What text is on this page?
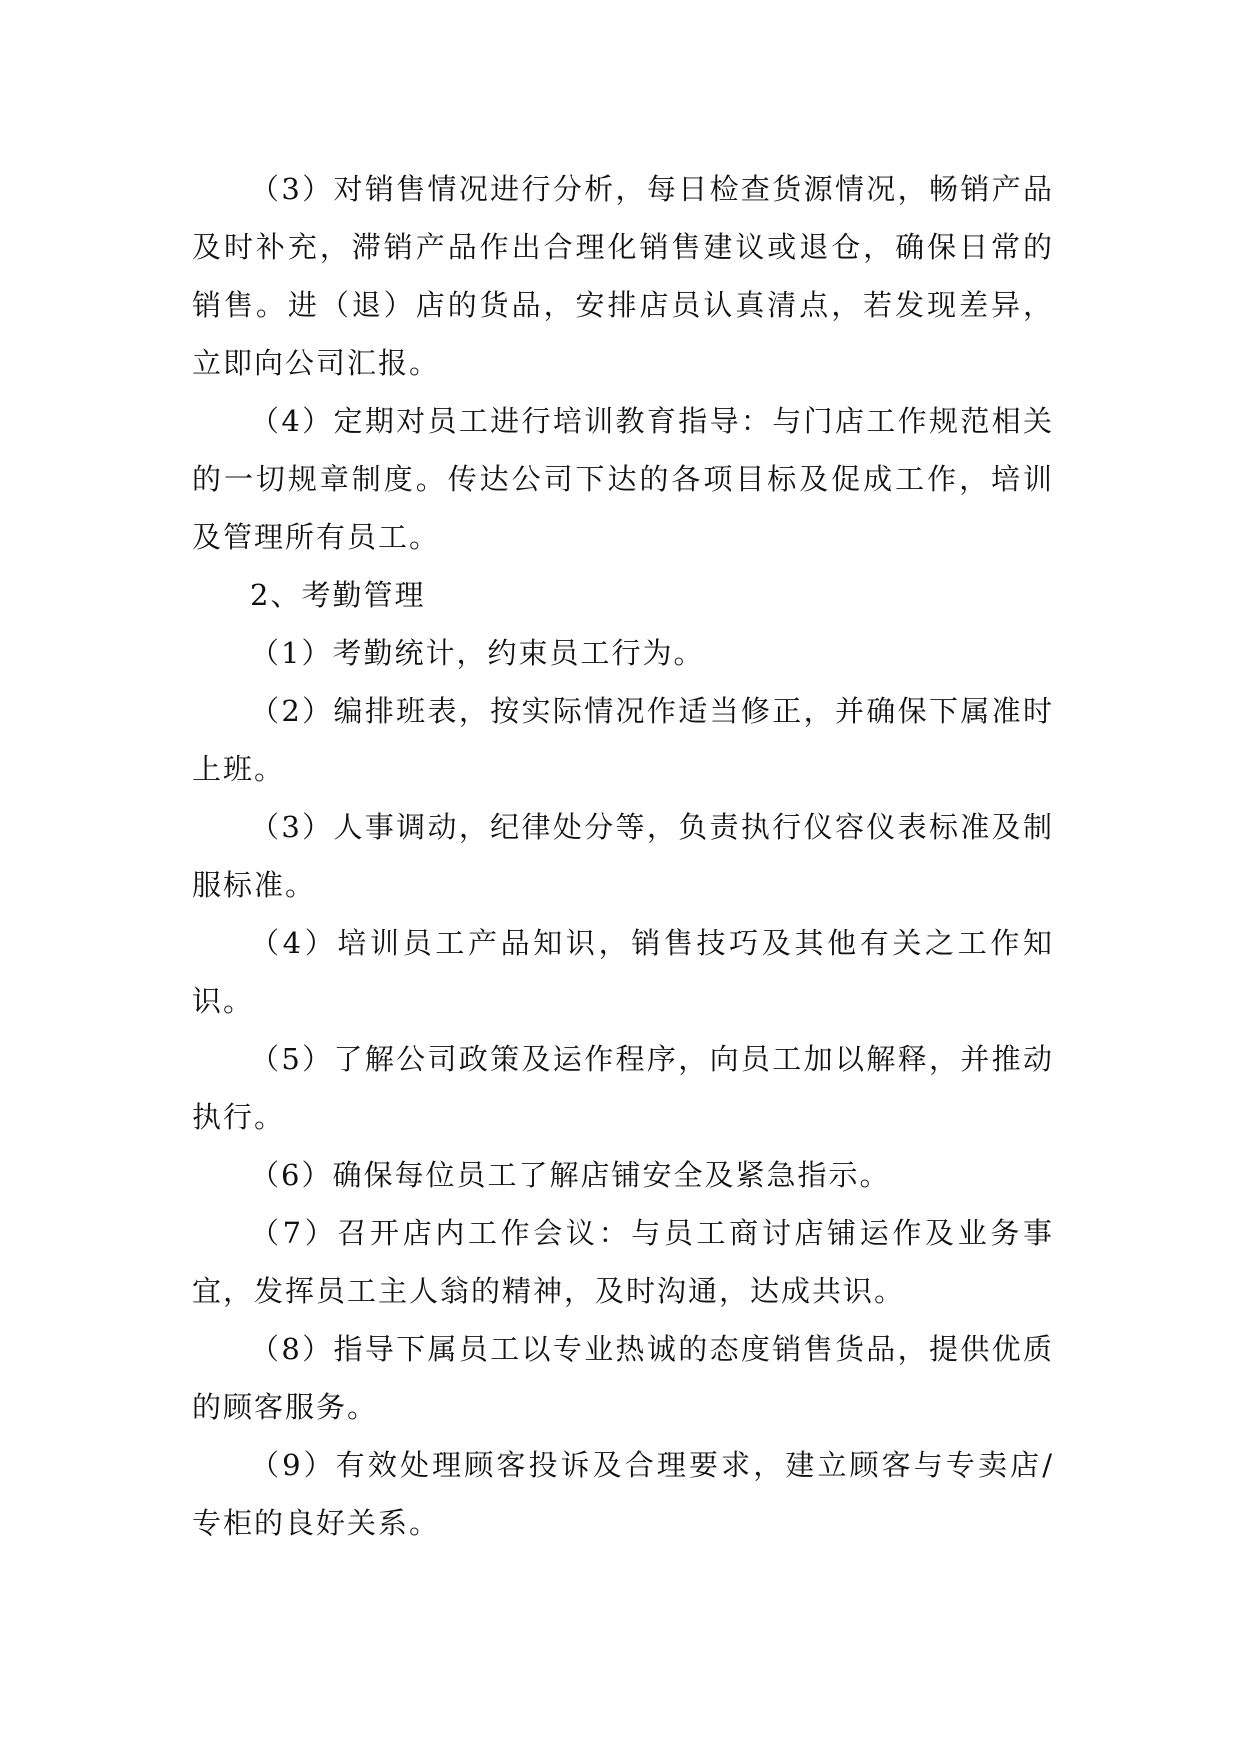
（3）对销售情况进行分析，每日检查货源情况，畅销产品及时补充，滞销产品作出合理化销售建议或退仓，确保日常的销售。进（退）店的货品，安排店员认真清点，若发现差异，立即向公司汇报。

（4）定期对员工进行培训教育指导：与门店工作规范相关的一切规章制度。传达公司下达的各项目标及促成工作，培训及管理所有员工。

2、考勤管理

（1）考勤统计，约束员工行为。

（2）编排班表，按实际情况作适当修正，并确保下属准时上班。

（3）人事调动，纪律处分等，负责执行仪容仪表标准及制服标准。

（4）培训员工产品知识，销售技巧及其他有关之工作知识。

（5）了解公司政策及运作程序，向员工加以解释，并推动执行。

（6）确保每位员工了解店铺安全及紧急指示。

（7）召开店内工作会议：与员工商讨店铺运作及业务事宜，发挥员工主人翁的精神，及时沟通，达成共识。

（8）指导下属员工以专业热诚的态度销售货品，提供优质的顾客服务。

（9）有效处理顾客投诉及合理要求，建立顾客与专卖店/专柜的良好关系。
